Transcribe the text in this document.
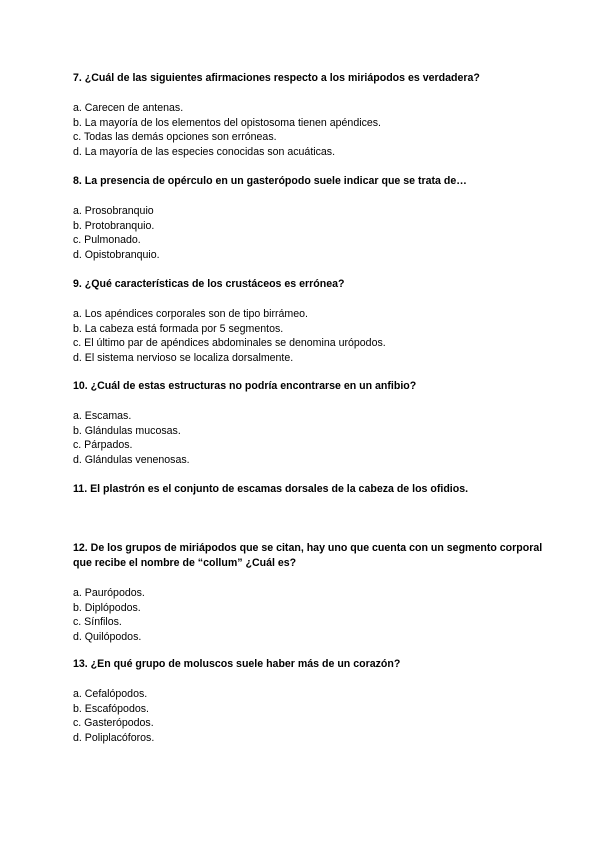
7. ¿Cuál de las siguientes afirmaciones respecto a los miriápodos es verdadera?

a. Carecen de antenas.
b. La mayoría de los elementos del opistosoma tienen apéndices.
c. Todas las demás opciones son erróneas.
d. La mayoría de las especies conocidas son acuáticas.

8. La presencia de opérculo en un gasterópodo suele indicar que se trata de…

a. Prosobranquio
b. Protobranquio.
c. Pulmonado.
d. Opistobranquio.

9. ¿Qué características de los crustáceos es errónea?

a. Los apéndices corporales son de tipo birrámeo.
b. La cabeza está formada por 5 segmentos.
c. El último par de apéndices abdominales se denomina urópodos.
d. El sistema nervioso se localiza dorsalmente.

10. ¿Cuál de estas estructuras no podría encontrarse en un anfibio?

a. Escamas.
b. Glándulas mucosas.
c. Párpados.
d. Glándulas venenosas.

11. El plastrón es el conjunto de escamas dorsales de la cabeza de los ofidios.

12. De los grupos de miriápodos que se citan, hay uno que cuenta con un segmento corporal que recibe el nombre de “collum” ¿Cuál es?

a. Paurópodos.
b. Diplópodos.
c. Sínfilos.
d. Quilópodos.

13. ¿En qué grupo de moluscos suele haber más de un corazón?

a. Cefalópodos.
b. Escafópodos.
c. Gasterópodos.
d. Poliplacóforos.
